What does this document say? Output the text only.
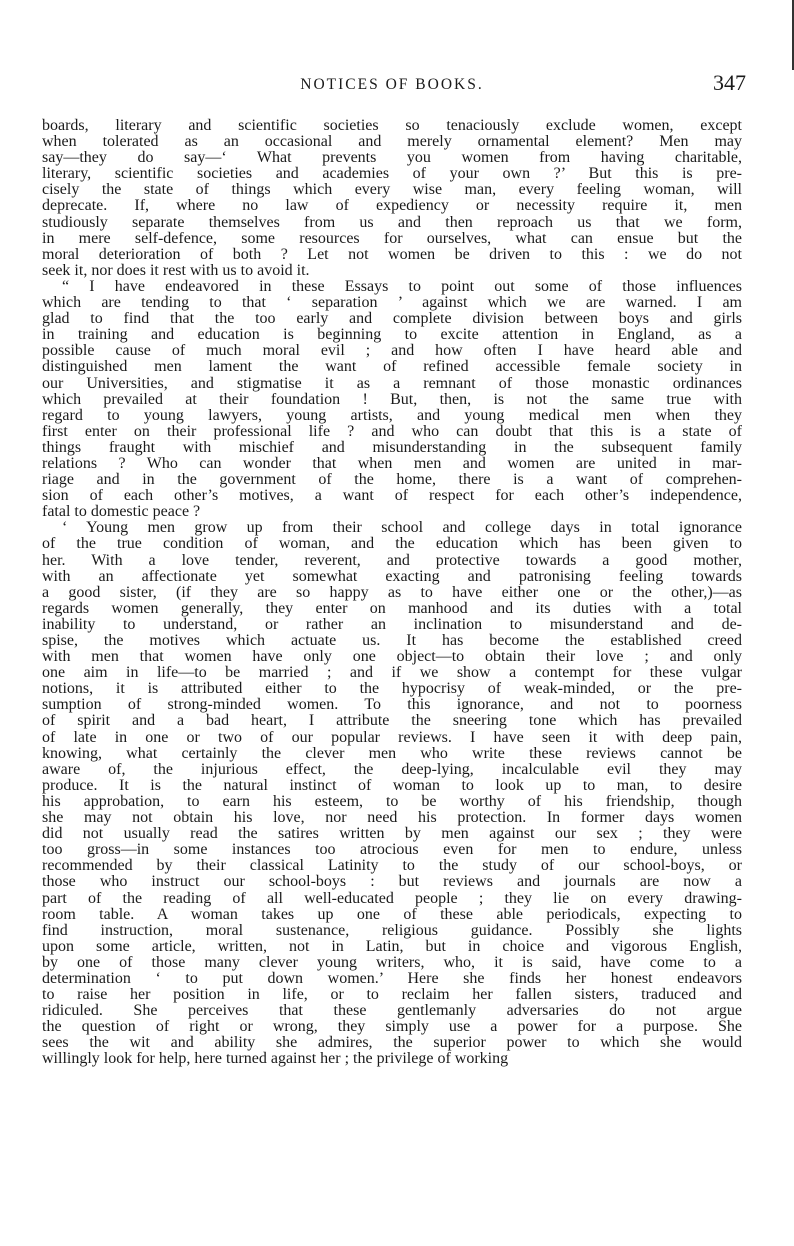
NOTICES OF BOOKS.	347
boards, literary and scientific societies so tenaciously exclude women, except
when tolerated as an occasional and merely ornamental element? Men may
say—they do say—‘ What prevents you women from having charitable,
literary, scientific societies and academies of your own ?’ But this is pre-
cisely the state of things which every wise man, every feeling woman, will
deprecate. If, where no law of expediency or necessity require it, men
studiously separate themselves from us and then reproach us that we form,
in mere self-defence, some resources for ourselves, what can ensue but the
moral deterioration of both ? Let not women be driven to this : we do not
seek it, nor does it rest with us to avoid it.
“ I have endeavored in these Essays to point out some of those influences
which are tending to that ‘ separation ’ against which we are warned. I am
glad to find that the too early and complete division between boys and girls
in training and education is beginning to excite attention in England, as a
possible cause of much moral evil ; and how often I have heard able and
distinguished men lament the want of refined accessible female society in
our Universities, and stigmatise it as a remnant of those monastic ordinances
which prevailed at their foundation ! But, then, is not the same true with
regard to young lawyers, young artists, and young medical men when they
first enter on their professional life ? and who can doubt that this is a state of
things fraught with mischief and misunderstanding in the subsequent family
relations ? Who can wonder that when men and women are united in mar-
riage and in the government of the home, there is a want of comprehen-
sion of each other’s motives, a want of respect for each other’s independence,
fatal to domestic peace ?
‘ Young men grow up from their school and college days in total ignorance
of the true condition of woman, and the education which has been given to
her. With a love tender, reverent, and protective towards a good mother,
with an affectionate yet somewhat exacting and patronising feeling towards
a good sister, (if they are so happy as to have either one or the other,)—as
regards women generally, they enter on manhood and its duties with a total
inability to understand, or rather an inclination to misunderstand and de-
spise, the motives which actuate us. It has become the established creed
with men that women have only one object—to obtain their love ; and only
one aim in life—to be married ; and if we show a contempt for these vulgar
notions, it is attributed either to the hypocrisy of weak-minded, or the pre-
sumption of strong-minded women. To this ignorance, and not to poorness
of spirit and a bad heart, I attribute the sneering tone which has prevailed
of late in one or two of our popular reviews. I have seen it with deep pain,
knowing, what certainly the clever men who write these reviews cannot be
aware of, the injurious effect, the deep-lying, incalculable evil they may
produce. It is the natural instinct of woman to look up to man, to desire
his approbation, to earn his esteem, to be worthy of his friendship, though
she may not obtain his love, nor need his protection. In former days women
did not usually read the satires written by men against our sex ; they were
too gross—in some instances too atrocious even for men to endure, unless
recommended by their classical Latinity to the study of our school-boys, or
those who instruct our school-boys : but reviews and journals are now a
part of the reading of all well-educated people ; they lie on every drawing-
room table. A woman takes up one of these able periodicals, expecting to
find instruction, moral sustenance, religious guidance. Possibly she lights
upon some article, written, not in Latin, but in choice and vigorous English,
by one of those many clever young writers, who, it is said, have come to a
determination ‘ to put down women.’ Here she finds her honest endeavors
to raise her position in life, or to reclaim her fallen sisters, traduced and
ridiculed. She perceives that these gentlemanly adversaries do not argue
the question of right or wrong, they simply use a power for a purpose. She
sees the wit and ability she admires, the superior power to which she would
willingly look for help, here turned against her ; the privilege of working
